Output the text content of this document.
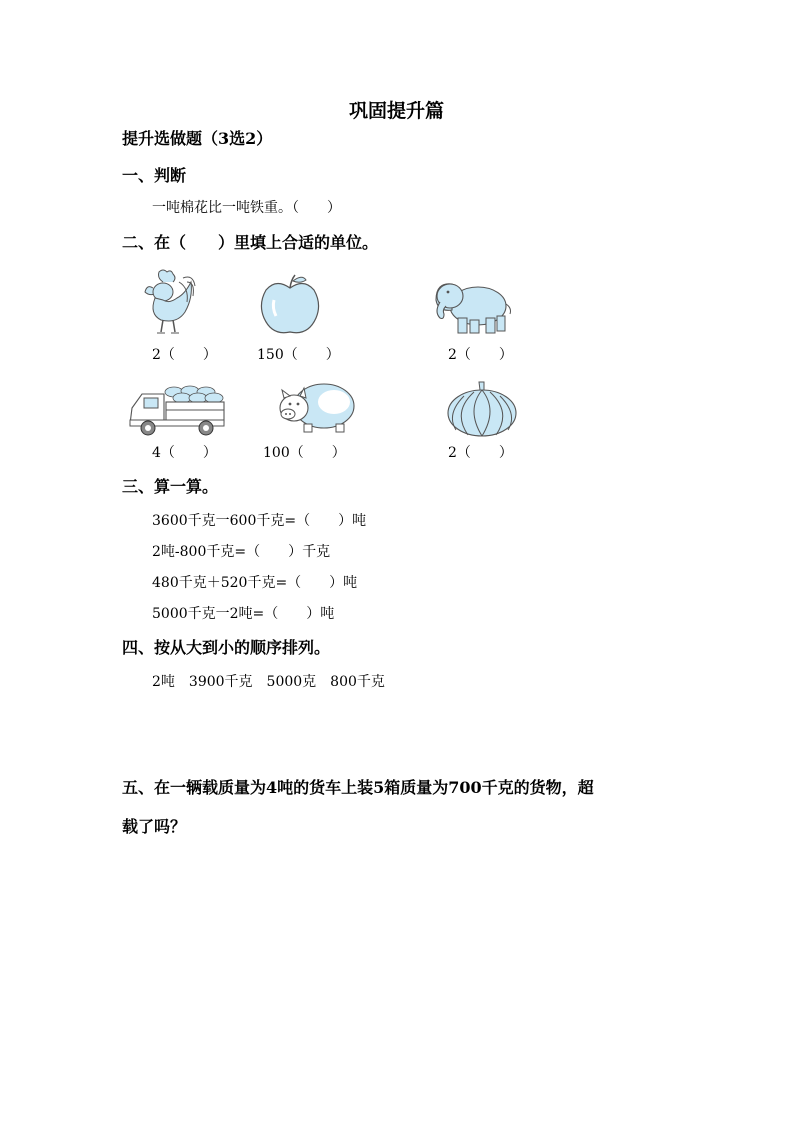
巩固提升篇
提升选做题（3选2）
一、判断
一吨棉花比一吨铁重。（　　）
二、在（　　）里填上合适的单位。
2（　　）	150（　　）	2（　　）
4（　　）	100（　　）	2（　　）
三、算一算。
3600千克一600千克=（　　）吨
2吨-800千克=（　　）千克
480千克＋520千克=（　　）吨
5000千克一2吨=（　　）吨
四、按从大到小的顺序排列。
2吨　3900千克　5000克　800千克
五、在一辆载质量为4吨的货车上装5箱质量为700千克的货物，超
载了吗？
